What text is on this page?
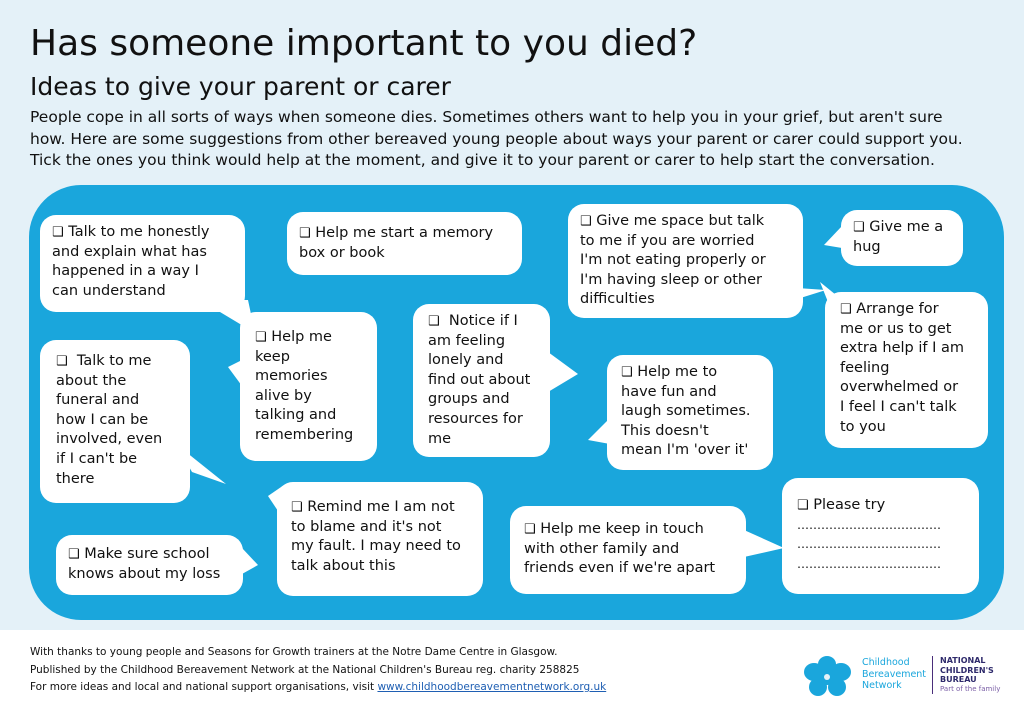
Has someone important to you died?
Ideas to give your parent or carer
People cope in all sorts of ways when someone dies. Sometimes others want to help you in your grief, but aren't sure
how. Here are some suggestions from other bereaved young people about ways your parent or carer could support you.
Tick the ones you think would help at the moment, and give it to your parent or carer to help start the conversation.
❑ Talk to me honestly
and explain what has
happened in a way I
can understand
❑ Help me start a memory
box or book
❑ Give me space but talk
to me if you are worried
I'm not eating properly or
I'm having sleep or other
difficulties
❑ Give me a
hug
❑ Talk to me
about the
funeral and
how I can be
involved, even
if I can't be
there
❑ Help me
keep
memories
alive by
talking and
remembering
❑ Notice if I
am feeling
lonely and
find out about
groups and
resources for
me
❑ Help me to
have fun and
laugh sometimes.
This doesn't
mean I'm 'over it'
❑ Arrange for
me or us to get
extra help if I am
feeling
overwhelmed or
I feel I can't talk
to you
❑ Remind me I am not
to blame and it's not
my fault. I may need to
talk about this
❑ Make sure school
knows about my loss
❑ Help me keep in touch
with other family and
friends even if we're apart
❑ Please try
………………………………
………………………………
………………………………
With thanks to young people and Seasons for Growth trainers at the Notre Dame Centre in Glasgow.
Published by the Childhood Bereavement Network at the National Children's Bureau reg. charity 258825
For more ideas and local and national support organisations, visit www.childhoodbereavementnetwork.org.uk
Childhood
Bereavement
Network
NATIONAL
CHILDREN'S
BUREAU
Part of the family
